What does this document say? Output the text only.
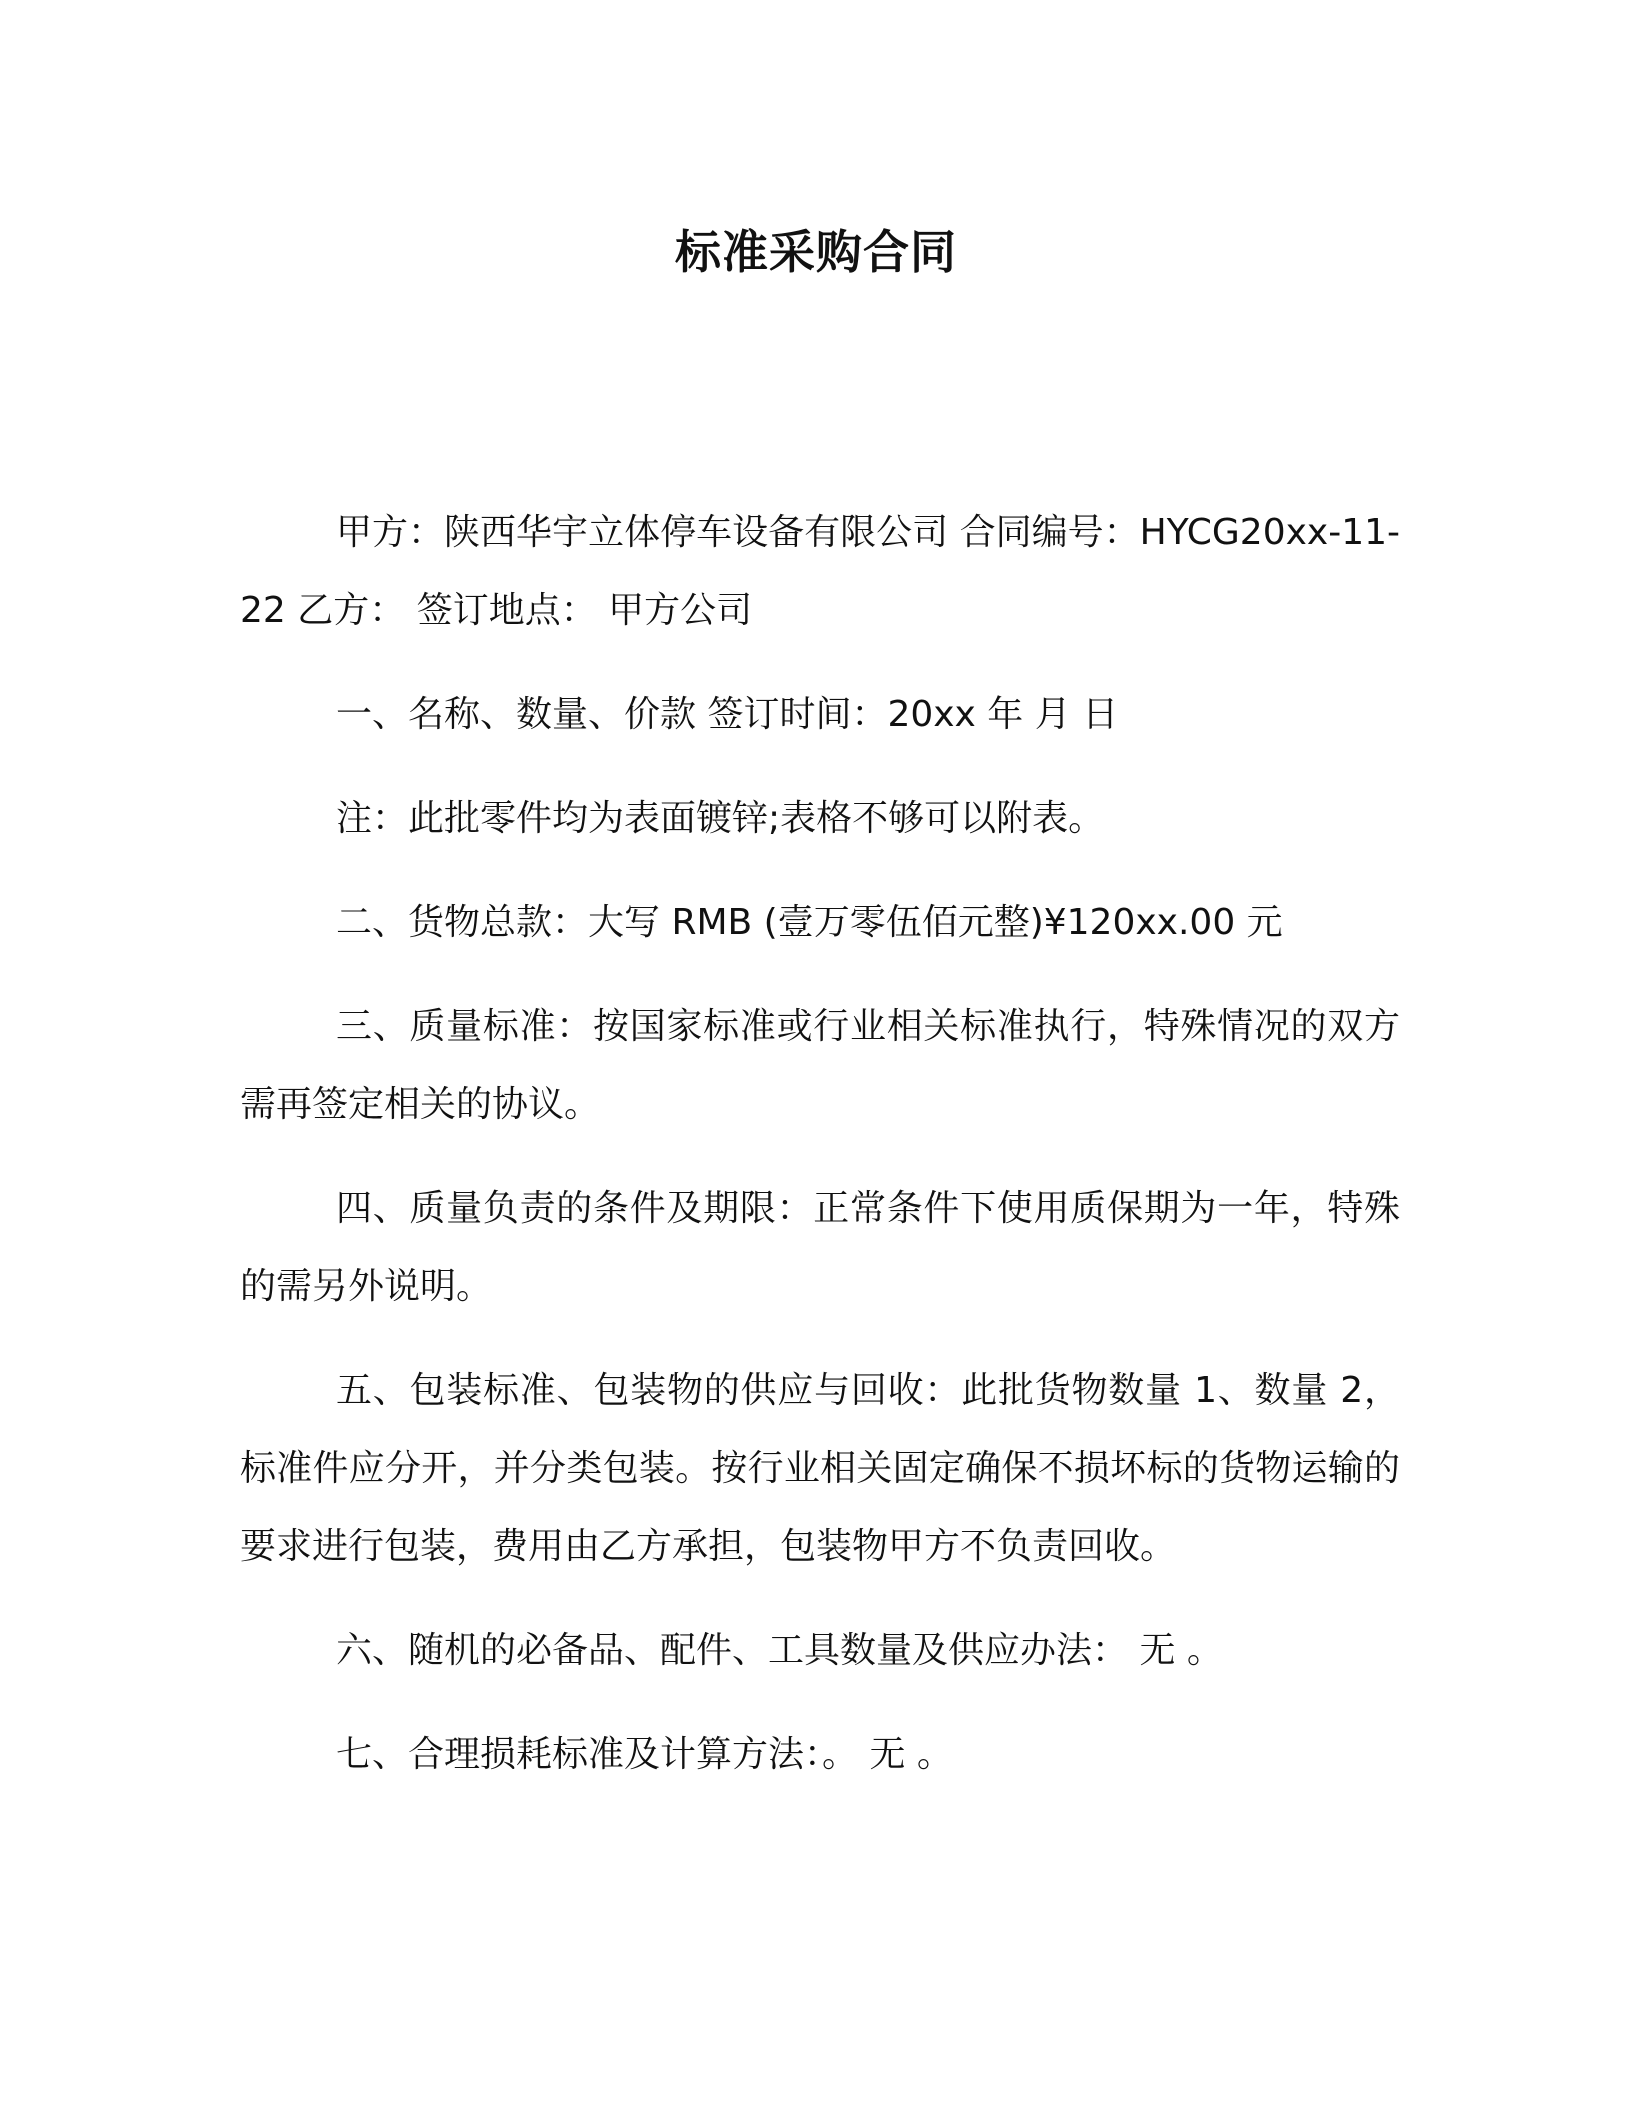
标准采购合同

甲方：陕西华宇立体停车设备有限公司 合同编号：HYCG20xx-11-22 乙方： 签订地点： 甲方公司

一、名称、数量、价款 签订时间：20xx 年 月 日

注：此批零件均为表面镀锌;表格不够可以附表。

二、货物总款：大写 RMB (壹万零伍佰元整)¥120xx.00 元

三、质量标准：按国家标准或行业相关标准执行，特殊情况的双方需再签定相关的协议。

四、质量负责的条件及期限：正常条件下使用质保期为一年，特殊的需另外说明。

五、包装标准、包装物的供应与回收：此批货物数量 1、数量 2，标准件应分开，并分类包装。按行业相关固定确保不损坏标的货物运输的要求进行包装，费用由乙方承担，包装物甲方不负责回收。

六、随机的必备品、配件、工具数量及供应办法： 无 。

七、合理损耗标准及计算方法：。 无 。
